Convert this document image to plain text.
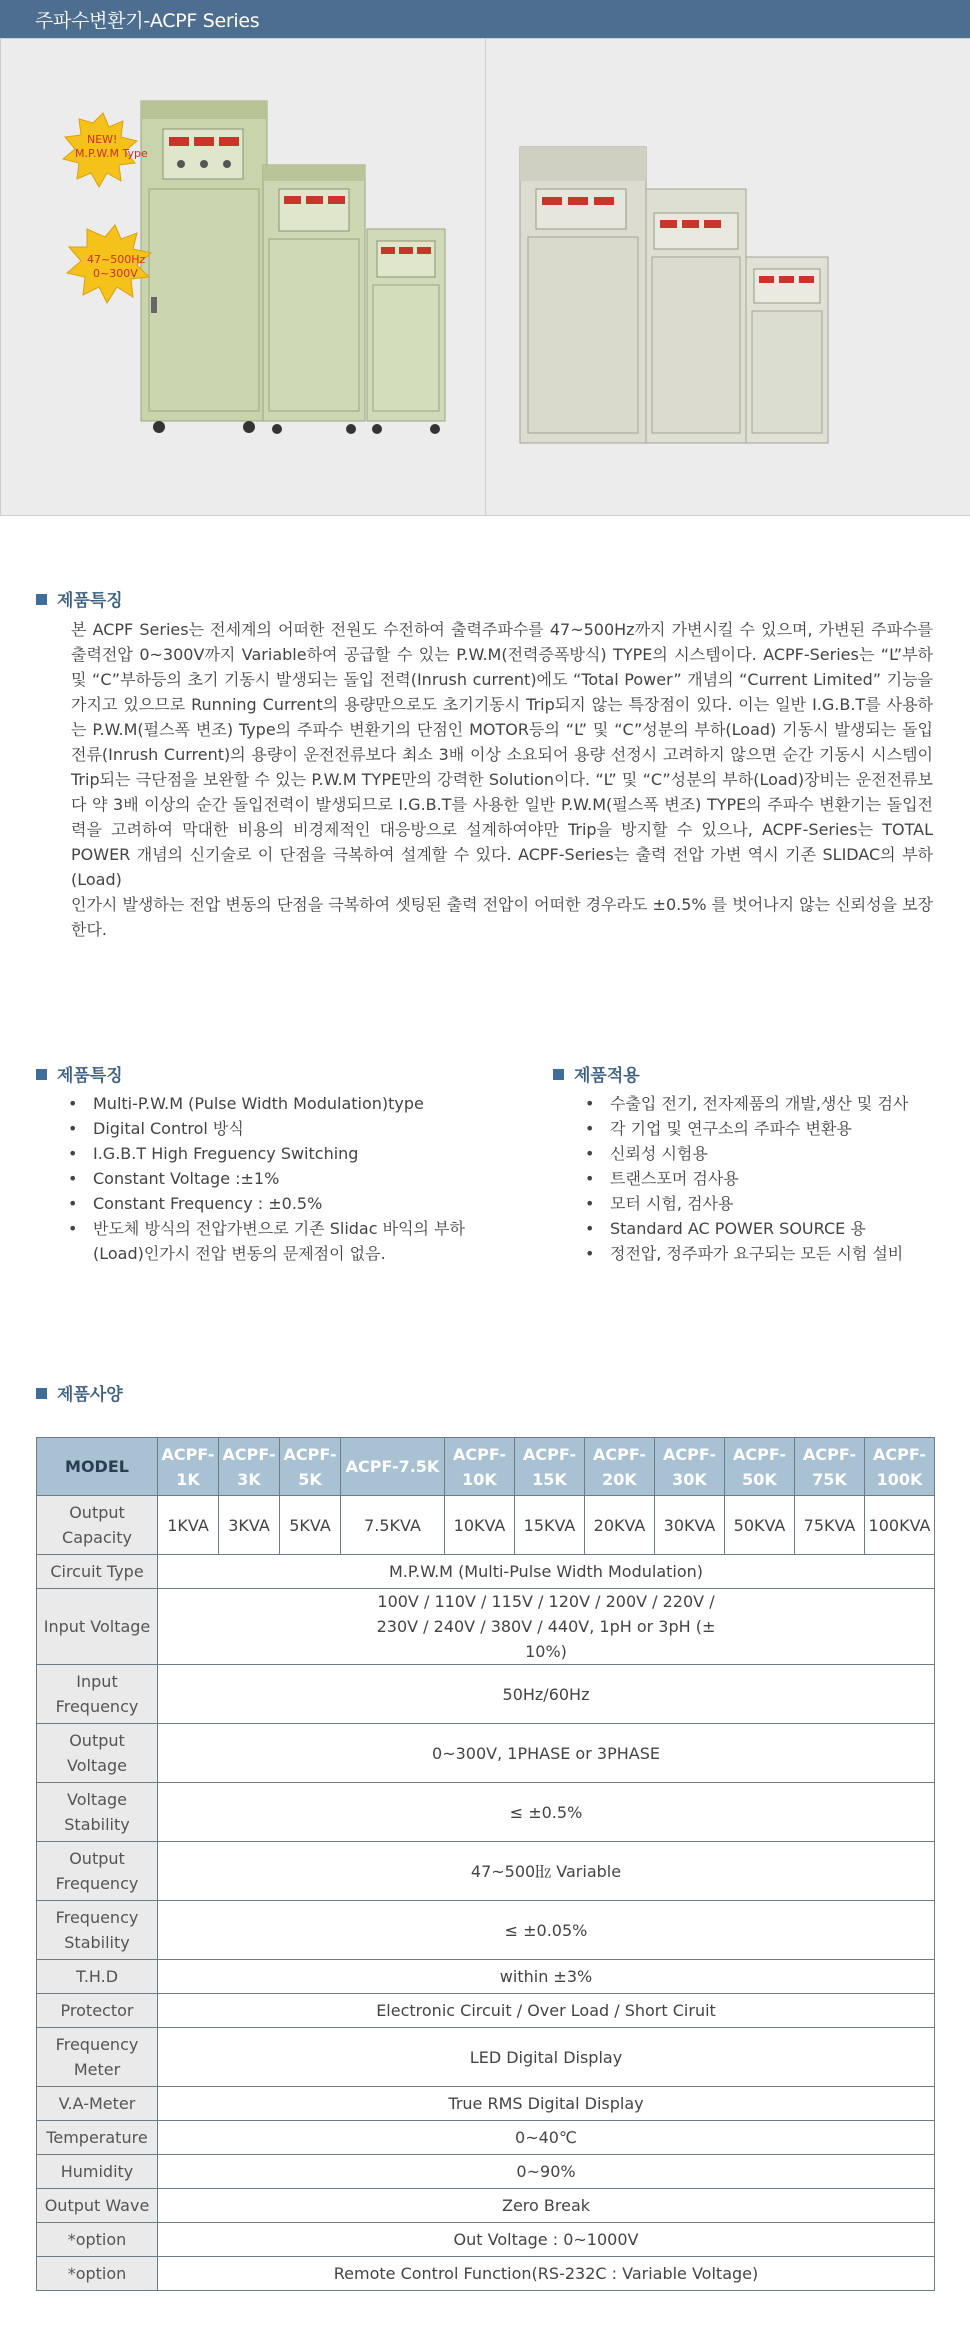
주파수변환기-ACPF Series
NEW!
M.P.W.M Type
47~500Hz
0~300V
제품특징

본 ACPF Series는 전세계의 어떠한 전원도 수전하여 출력주파수를 47~500Hz까지 가변시킬 수 있으며, 가변된 주파수를 출력전압 0~300V까지 Variable하여 공급할 수 있는 P.W.M(전력증폭방식) TYPE의 시스템이다. ACPF-Series는 “L”부하 및 “C”부하등의 초기 기동시 발생되는 돌입 전력(Inrush current)에도 “Total Power” 개념의 “Current Limited” 기능을 가지고 있으므로 Running Current의 용량만으로도 초기기동시 Trip되지 않는 특장점이 있다. 이는 일반 I.G.B.T를 사용하는 P.W.M(펄스폭 변조) Type의 주파수 변환기의 단점인 MOTOR등의 “L” 및 “C”성분의 부하(Load) 기동시 발생되는 돌입전류(Inrush Current)의 용량이 운전전류보다 최소 3배 이상 소요되어 용량 선정시 고려하지 않으면 순간 기동시 시스템이 Trip되는 극단점을 보완할 수 있는 P.W.M TYPE만의 강력한 Solution이다. “L” 및 “C”성분의 부하(Load)장비는 운전전류보다 약 3배 이상의 순간 돌입전력이 발생되므로 I.G.B.T를 사용한 일반 P.W.M(펄스폭 변조) TYPE의 주파수 변환기는 돌입전력을 고려하여 막대한 비용의 비경제적인 대응방으로 설계하여야만 Trip을 방지할 수 있으나, ACPF-Series는 TOTAL POWER 개념의 신기술로 이 단점을 극복하여 설계할 수 있다. ACPF-Series는 출력 전압 가변 역시 기존 SLIDAC의 부하(Load)

인가시 발생하는 전압 변동의 단점을 극복하여 셋팅된 출력 전압이 어떠한 경우라도 ±0.5% 를 벗어나지 않는 신뢰성을 보장한다.

제품특징
• Multi-P.W.M (Pulse Width Modulation)type
• Digital Control 방식
• I.G.B.T High Freguency Switching
• Constant Voltage :±1%
• Constant Frequency : ±0.5%
• 반도체 방식의 전압가변으로 기존 Slidac 바익의 부하(Load)인가시 전압 변동의 문제점이 없음.
제품적용
• 수출입 전기, 전자제품의 개발,생산 및 검사
• 각 기업 및 연구소의 주파수 변환용
• 신뢰성 시험용
• 트랜스포머 검사용
• 모터 시험, 검사용
• Standard AC POWER SOURCE 용
• 정전압, 정주파가 요구되는 모든 시험 설비
제품사양
MODEL	ACPF-1K	ACPF-3K	ACPF-5K	ACPF-7.5K	ACPF-10K	ACPF-15K	ACPF-20K	ACPF-30K	ACPF-50K	ACPF-75K	ACPF-100K
Output Capacity	1KVA	3KVA	5KVA	7.5KVA	10KVA	15KVA	20KVA	30KVA	50KVA	75KVA	100KVA
Circuit Type	M.P.W.M (Multi-Pulse Width Modulation)										
Input Voltage	100V / 110V / 115V / 120V / 200V / 220V / 230V / 240V / 380V / 440V, 1pH or 3pH (± 10%)										
Input Frequency	50Hz/60Hz										
Output Voltage	0~300V, 1PHASE or 3PHASE										
Voltage Stability	≤ ±0.5%										
Output Frequency	47~500㎐ Variable										
Frequency Stability	≤ ±0.05%										
T.H.D	within ±3%										
Protector	Electronic Circuit / Over Load / Short Ciruit										
Frequency Meter	LED Digital Display										
V.A-Meter	True RMS Digital Display										
Temperature	0~40℃										
Humidity	0~90%										
Output Wave	Zero Break										
*option	Out Voltage : 0~1000V										
*option	Remote Control Function(RS-232C : Variable Voltage)										
